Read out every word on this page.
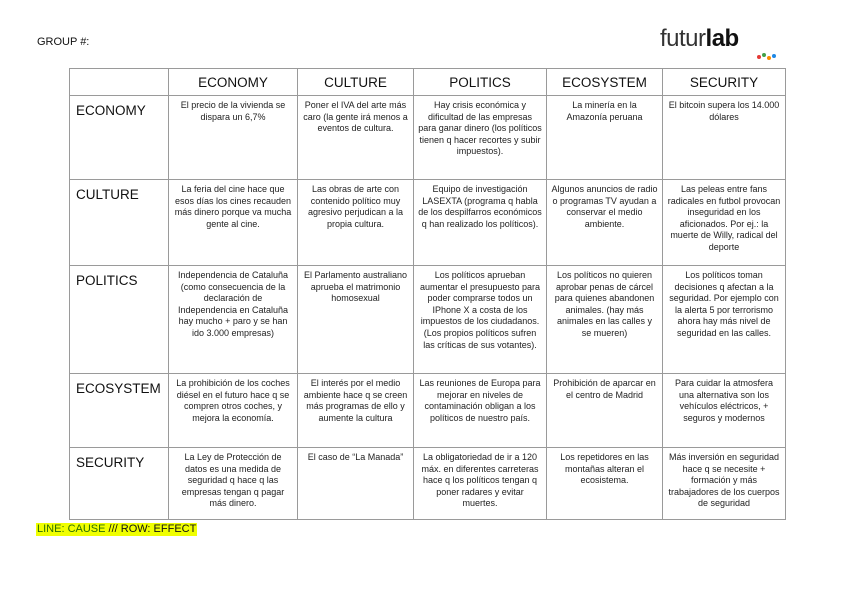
GROUP #:	futurlab
	ECONOMY	CULTURE	POLITICS	ECOSYSTEM	SECURITY
ECONOMY	El precio de la vivienda se dispara un 6,7%	Poner el IVA del arte más caro (la gente irá menos a eventos de cultura.	Hay crisis económica y dificultad de las empresas para ganar dinero (los políticos tienen q hacer recortes y subir impuestos).	La minería en la Amazonía peruana	El bitcoin supera los 14.000 dólares
CULTURE	La feria del cine hace que esos días los cines recauden más dinero porque va mucha gente al cine.	Las obras de arte con contenido político muy agresivo perjudican a la propia cultura.	Equipo de investigación LASEXTA (programa q habla de los despilfarros económicos q han realizado los políticos).	Algunos anuncios de radio o programas TV ayudan a conservar el medio ambiente.	Las peleas entre fans radicales en futbol provocan inseguridad en los aficionados. Por ej.: la muerte de Willy, radical del deporte
POLITICS	Independencia de Cataluña (como consecuencia de la declaración de Independencia en Cataluña hay mucho + paro y se han ido 3.000 empresas)	El Parlamento australiano aprueba el matrimonio homosexual	Los políticos aprueban aumentar el presupuesto para poder comprarse todos un IPhone X a costa de los impuestos de los ciudadanos. (Los propios políticos sufren las críticas de sus votantes).	Los políticos no quieren aprobar penas de cárcel para quienes abandonen animales. (hay más animales en las calles y se mueren)	Los políticos toman decisiones q afectan a la seguridad. Por ejemplo con la alerta 5 por terrorismo ahora hay más nivel de seguridad en las calles.
ECOSYSTEM	La prohibición de los coches diésel en el futuro hace q se compren otros coches, y mejora la economía.	El interés por el medio ambiente hace q se creen más programas de ello y aumente la cultura	Las reuniones de Europa para mejorar en niveles de contaminación obligan a los políticos de nuestro país.	Prohibición de aparcar en el centro de Madrid	Para cuidar la atmosfera una alternativa son los vehículos eléctricos, + seguros y modernos
SECURITY	La Ley de Protección de datos es una medida de seguridad q hace q las empresas tengan q pagar más dinero.	El caso de “La Manada”	La obligatoriedad de ir a 120 máx. en diferentes carreteras hace q los políticos tengan q poner radares y evitar muertes.	Los repetidores en las montañas alteran el ecosistema.	Más inversión en seguridad hace q se necesite + formación y más trabajadores de los cuerpos de seguridad
LINE: CAUSE /// ROW: EFFECT
